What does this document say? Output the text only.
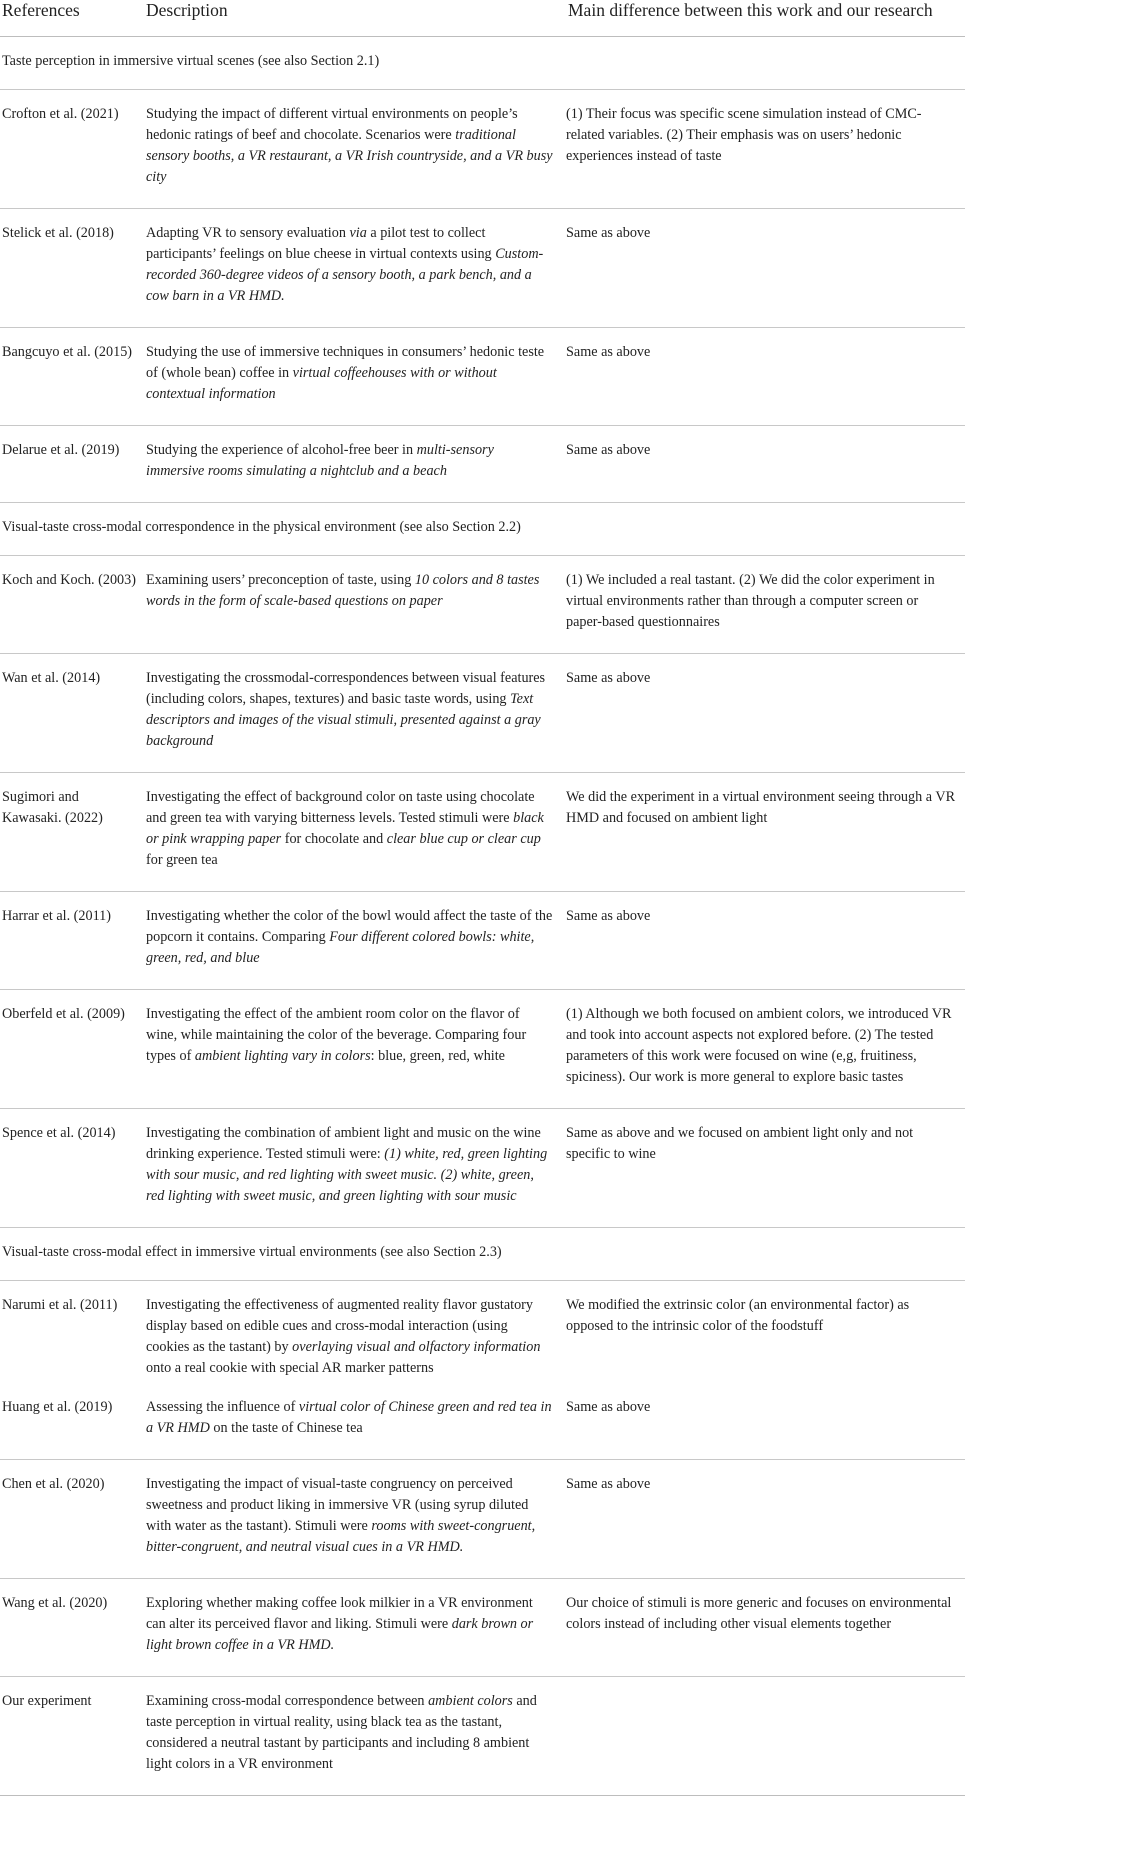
References	Description	Main difference between this work and our research

Taste perception in immersive virtual scenes (see also Section 2.1)		

Crofton et al. (2021)	Studying the impact of different virtual environments on people’s hedonic ratings of beef and chocolate. Scenarios were traditional sensory booths, a VR restaurant, a VR Irish countryside, and a VR busy city	(1) Their focus was specific scene simulation instead of CMC-related variables. (2) Their emphasis was on users’ hedonic experiences instead of taste

Stelick et al. (2018)	Adapting VR to sensory evaluation via a pilot test to collect participants’ feelings on blue cheese in virtual contexts using Custom-recorded 360-degree videos of a sensory booth, a park bench, and a cow barn in a VR HMD.	Same as above

Bangcuyo et al. (2015)	Studying the use of immersive techniques in consumers’ hedonic teste of (whole bean) coffee in virtual coffeehouses with or without contextual information	Same as above

Delarue et al. (2019)	Studying the experience of alcohol-free beer in multi-sensory immersive rooms simulating a nightclub and a beach	Same as above

Visual-taste cross-modal correspondence in the physical environment (see also Section 2.2)		

Koch and Koch. (2003)	Examining users’ preconception of taste, using 10 colors and 8 tastes words in the form of scale-based questions on paper	(1) We included a real tastant. (2) We did the color experiment in virtual environments rather than through a computer screen or paper-based questionnaires

Wan et al. (2014)	Investigating the crossmodal-correspondences between visual features (including colors, shapes, textures) and basic taste words, using Text descriptors and images of the visual stimuli, presented against a gray background	Same as above

Sugimori and Kawasaki. (2022)	Investigating the effect of background color on taste using chocolate and green tea with varying bitterness levels. Tested stimuli were black or pink wrapping paper for chocolate and clear blue cup or clear cup for green tea	We did the experiment in a virtual environment seeing through a VR HMD and focused on ambient light

Harrar et al. (2011)	Investigating whether the color of the bowl would affect the taste of the popcorn it contains. Comparing Four different colored bowls: white, green, red, and blue	Same as above

Oberfeld et al. (2009)	Investigating the effect of the ambient room color on the flavor of wine, while maintaining the color of the beverage. Comparing four types of ambient lighting vary in colors: blue, green, red, white	(1) Although we both focused on ambient colors, we introduced VR and took into account aspects not explored before. (2) The tested parameters of this work were focused on wine (e,g, fruitiness, spiciness). Our work is more general to explore basic tastes

Spence et al. (2014)	Investigating the combination of ambient light and music on the wine drinking experience. Tested stimuli were: (1) white, red, green lighting with sour music, and red lighting with sweet music. (2) white, green, red lighting with sweet music, and green lighting with sour music	Same as above and we focused on ambient light only and not specific to wine

Visual-taste cross-modal effect in immersive virtual environments (see also Section 2.3)		

Narumi et al. (2011)	Investigating the effectiveness of augmented reality flavor gustatory display based on edible cues and cross-modal interaction (using cookies as the tastant) by overlaying visual and olfactory information onto a real cookie with special AR marker patterns	We modified the extrinsic color (an environmental factor) as opposed to the intrinsic color of the foodstuff

Huang et al. (2019)	Assessing the influence of virtual color of Chinese green and red tea in a VR HMD on the taste of Chinese tea	Same as above

Chen et al. (2020)	Investigating the impact of visual-taste congruency on perceived sweetness and product liking in immersive VR (using syrup diluted with water as the tastant). Stimuli were rooms with sweet-congruent, bitter-congruent, and neutral visual cues in a VR HMD.	Same as above

Wang et al. (2020)	Exploring whether making coffee look milkier in a VR environment can alter its perceived flavor and liking. Stimuli were dark brown or light brown coffee in a VR HMD.	Our choice of stimuli is more generic and focuses on environmental colors instead of including other visual elements together

Our experiment	Examining cross-modal correspondence between ambient colors and taste perception in virtual reality, using black tea as the tastant, considered a neutral tastant by participants and including 8 ambient light colors in a VR environment	
